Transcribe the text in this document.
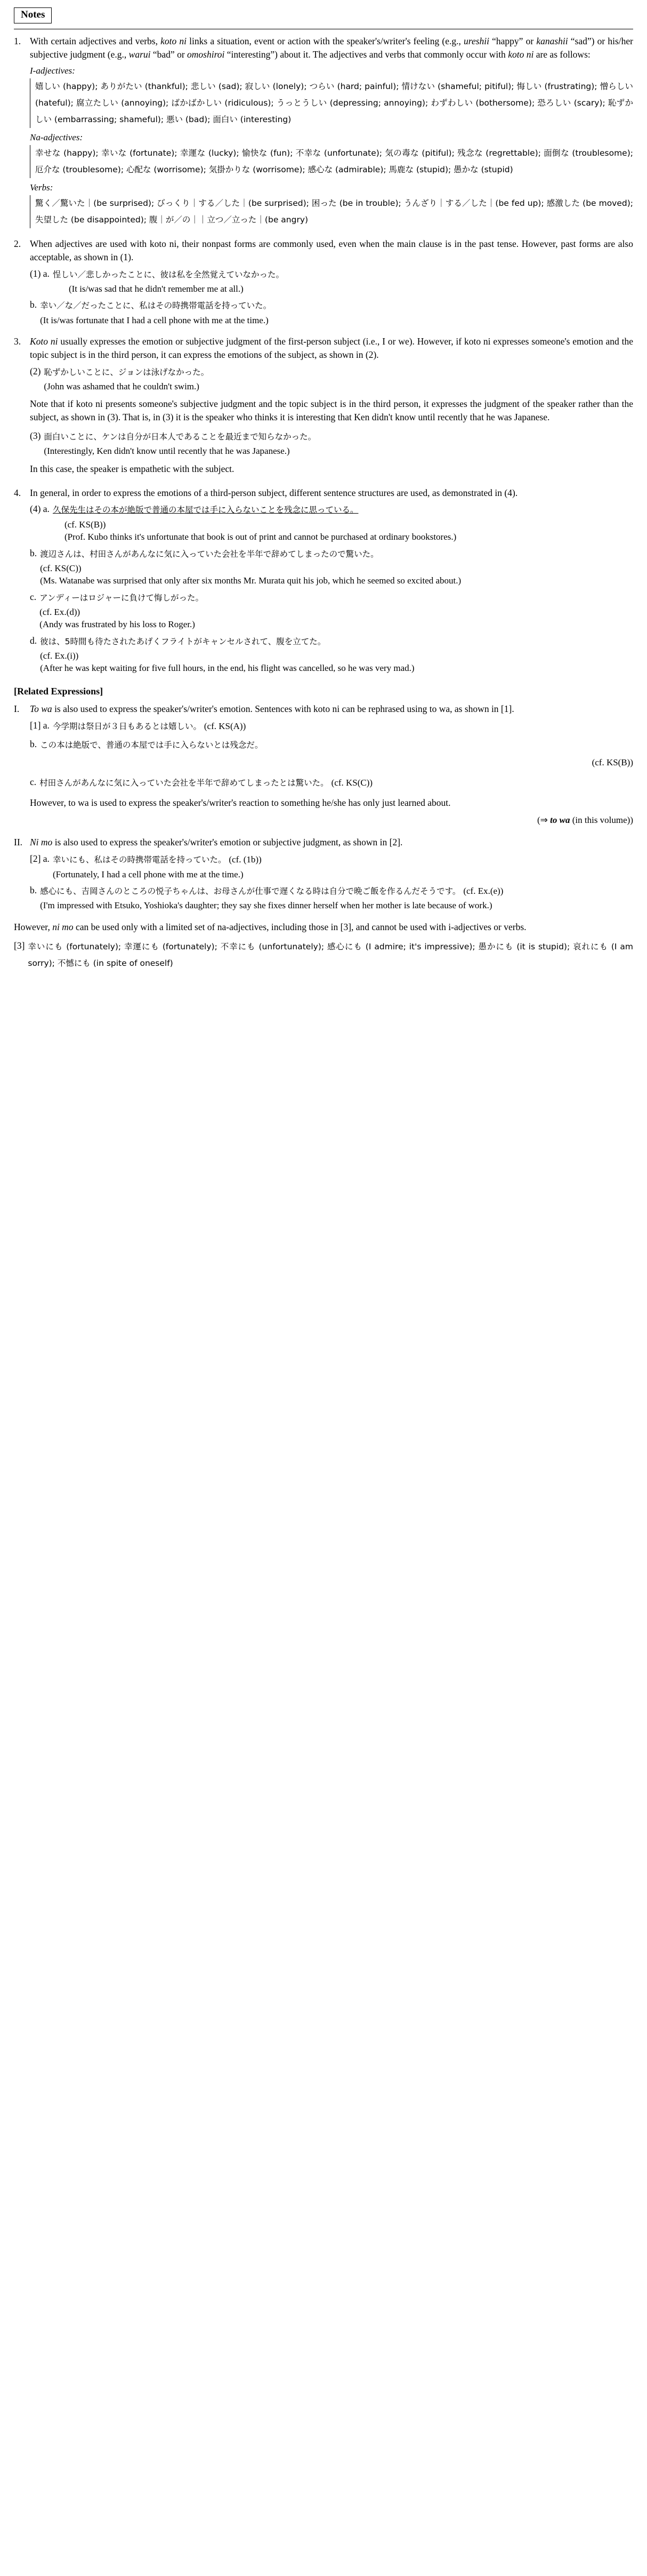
Notes
1. With certain adjectives and verbs, koto ni links a situation, event or action with the speaker's/writer's feeling (e.g., ureshii “happy” or kanashii “sad”) or his/her subjective judgment (e.g., warui “bad” or omoshiroi “interesting”) about it. The adjectives and verbs that commonly occur with koto ni are as follows:
I-adjectives:
嬉しい (happy); ありがたい (thankful); 悲しい (sad); 寂しい (lonely); つらい (hard; painful); 情けない (shameful; pitiful); 悔しい (frustrating); 憎らしい (hateful); 腐立たしい (annoying); ばかばかしい (ridiculous); うっとうしい (depressing; annoying); わずわしい (bothersome); 恐ろしい (scary); 恥ずかしい (embarrassing; shameful); 悪い (bad); 面白い (interesting)
Na-adjectives:
幸せな (happy); 幸いな (fortunate); 幸運な (lucky); 愉快な (fun); 不幸な (unfortunate); 気の毒な (pitiful); 残念な (regrettable); 面倒な (troublesome); 厄介な (troublesome); 心配な (worrisome); 気掛かりな (worrisome); 感心な (admirable); 馬鹿な (stupid); 愚かな (stupid)
Verbs:
驚く／驚いた｜(be surprised); びっくり｜する／した｜(be surprised); 困った (be in trouble); うんざり｜する／した｜(be fed up); 感激した (be moved); 失望した (be disappointed); 腹｜が／の｜｜立つ／立った｜(be angry)
2. When adjectives are used with koto ni, their nonpast forms are commonly used, even when the main clause is in the past tense. However, past forms are also acceptable, as shown in (1).
(1) a. 悜しい／悲しかったことに、彼は私を全然覚えていなかった。
(It is/was sad that he didn't remember me at all.)
b. 幸い／な／だったことに、私はその時携帯電話を持っていた。
(It is/was fortunate that I had a cell phone with me at the time.)
3. Koto ni usually expresses the emotion or subjective judgment of the first-person subject (i.e., I or we). However, if koto ni expresses someone's emotion and the topic subject is in the third person, it can express the emotions of the subject, as shown in (2).
(2) 恥ずかしいことに、ジョンは泳げなかった。
(John was ashamed that he couldn't swim.)
Note that if koto ni presents someone's subjective judgment and the topic subject is in the third person, it expresses the judgment of the speaker rather than the subject, as shown in (3). That is, in (3) it is the speaker who thinks it is interesting that Ken didn't know until recently that he was Japanese.
(3) 面白いことに、ケンは自分が日本人であることを最近まで知らなかった。
(Interestingly, Ken didn't know until recently that he was Japanese.)
In this case, the speaker is empathetic with the subject.
4. In general, in order to express the emotions of a third-person subject, different sentence structures are used, as demonstrated in (4).
(4) a. 久保先生はその本が絶版で普通の本屋では手に入らないことを残念に思っている。
(cf. KS(B))
(Prof. Kubo thinks it's unfortunate that book is out of print and cannot be purchased at ordinary bookstores.)
b. 渡辺さんは、村田さんがあんなに気に入っていた会社を半年で辞めてしまったので驚いた。
(cf. KS(C))
(Ms. Watanabe was surprised that only after six months Mr. Murata quit his job, which he seemed so excited about.)
c. アンディーはロジャーに負けて悔しがった。
(cf. Ex.(d))
(Andy was frustrated by his loss to Roger.)
d. 彼は、5時間も待たされたあげくフライトがキャンセルされて、腹を立てた。
(cf. Ex.(i))
(After he was kept waiting for five full hours, in the end, his flight was cancelled, so he was very mad.)
[Related Expressions]
I.	To wa is also used to express the speaker's/writer's emotion. Sentences with koto ni can be rephrased using to wa, as shown in [1].
[1] a. 今学期は祭日が３日もあるとは嬉しい。 (cf. KS(A))
b. この本は絶版で、普通の本屋では手に入らないとは残念だ。
(cf. KS(B))
c. 村田さんがあんなに気に入っていた会社を半年で辞めてしまったとは驚いた。 (cf. KS(C))
However, to wa is used to express the speaker's/writer's reaction to something he/she has only just learned about.
(⇒ to wa (in this volume))
II. Ni mo is also used to express the speaker's/writer's emotion or subjective judgment, as shown in [2].
[2] a. 幸いにも、私はその時携帯電話を持っていた。 (cf. (1b))
(Fortunately, I had a cell phone with me at the time.)
b. 感心にも、吉岡さんのところの悦子ちゃんは、お母さんが仕事で遅くなる時は自分で晩ご飯を作るんだそうです。 (cf. Ex.(e))
(I'm impressed with Etsuko, Yoshioka's daughter; they say she fixes dinner herself when her mother is late because of work.)
However, ni mo can be used only with a limited set of na-adjectives, including those in [3], and cannot be used with i-adjectives or verbs.
[3] 幸いにも (fortunately); 幸運にも (fortunately); 不幸にも (unfortunately); 感心にも (I admire; it's impressive); 愚かにも (it is stupid); 哀れにも (I am sorry); 不憾にも (in spite of oneself)
